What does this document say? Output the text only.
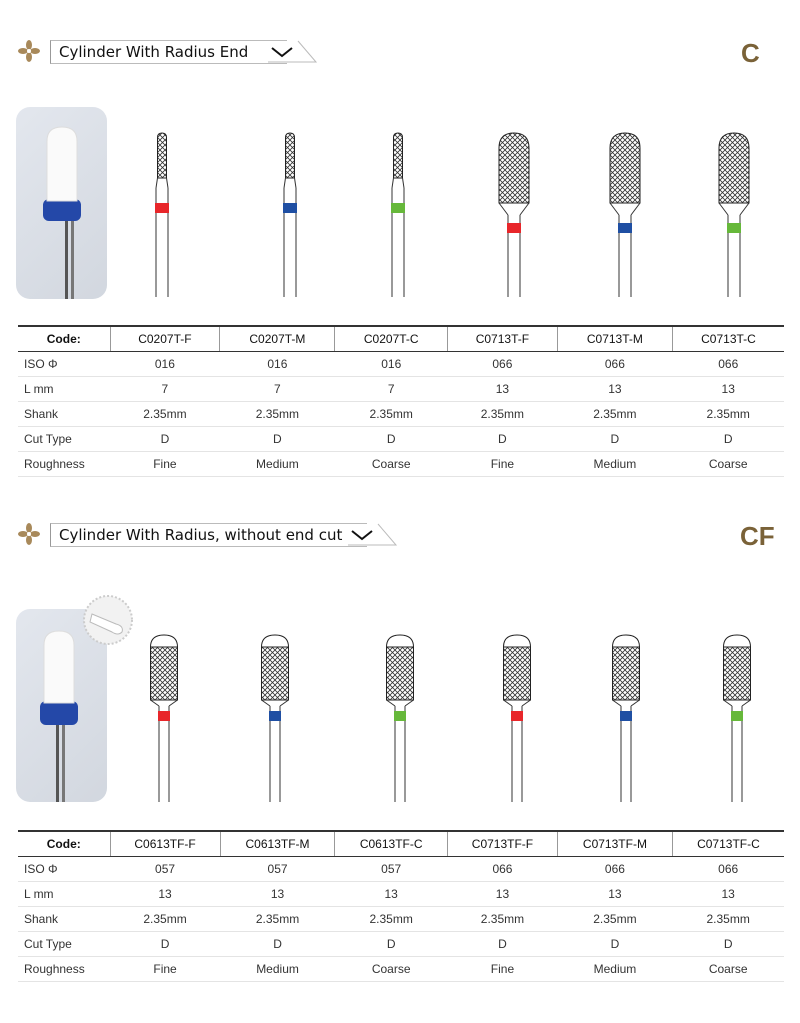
Cylinder With Radius End	C
Code:	C0207T-F	C0207T-M	C0207T-C	C0713T-F	C0713T-M	C0713T-C
ISO Φ	016	016	016	066	066	066
L mm	7	7	7	13	13	13
Shank	2.35mm	2.35mm	2.35mm	2.35mm	2.35mm	2.35mm
Cut Type	D	D	D	D	D	D
Roughness	Fine	Medium	Coarse	Fine	Medium	Coarse
Cylinder With Radius, without end cut	CF
Code:	C0613TF-F	C0613TF-M	C0613TF-C	C0713TF-F	C0713TF-M	C0713TF-C
ISO Φ	057	057	057	066	066	066
L mm	13	13	13	13	13	13
Shank	2.35mm	2.35mm	2.35mm	2.35mm	2.35mm	2.35mm
Cut Type	D	D	D	D	D	D
Roughness	Fine	Medium	Coarse	Fine	Medium	Coarse
